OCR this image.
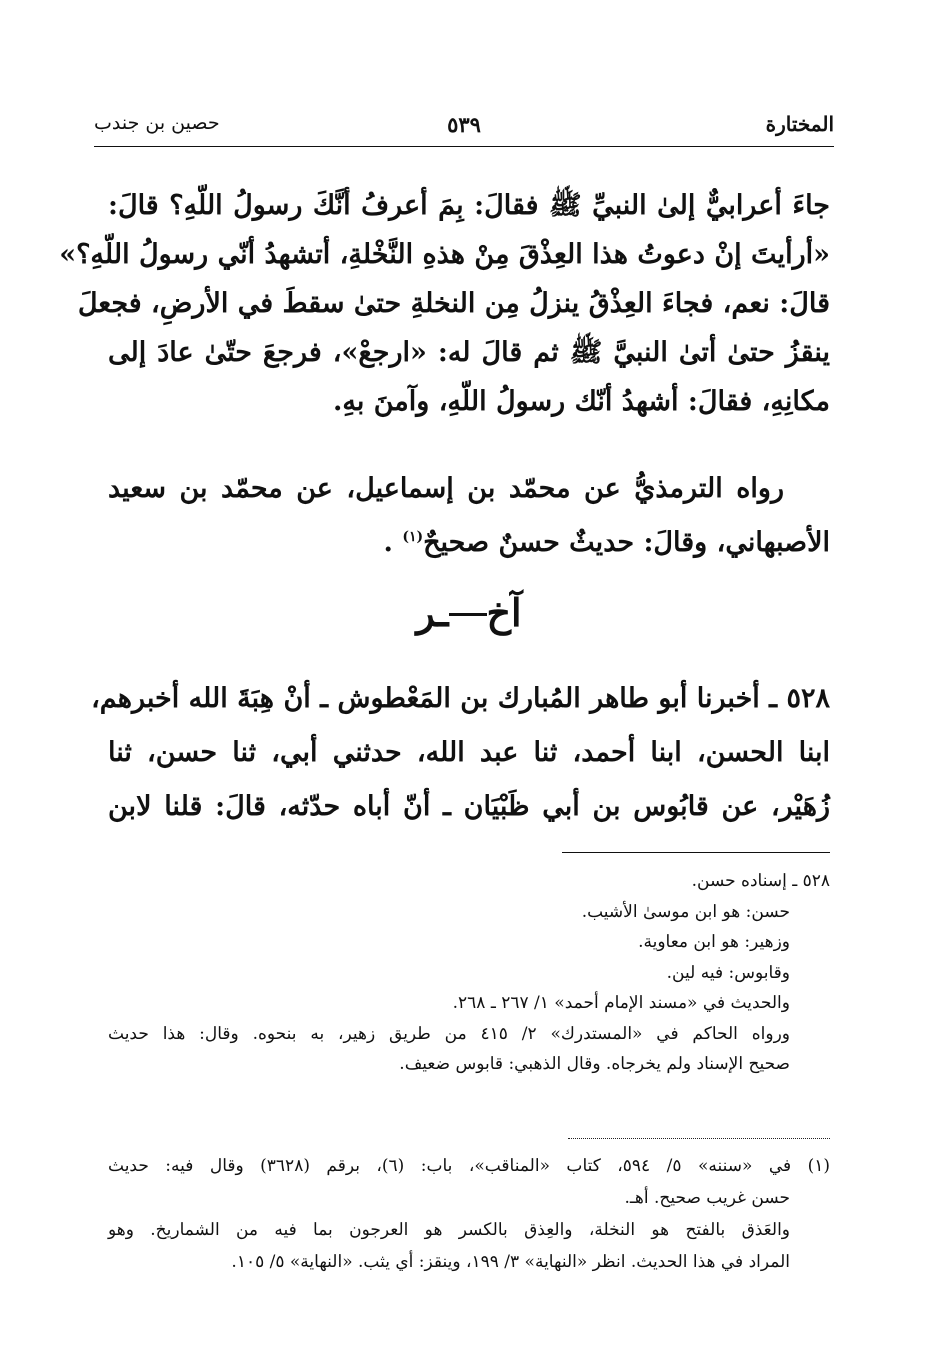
المختارة
٥٣٩
حصين بن جندب
جاءَ أعرابيٌّ إلىٰ النبيِّ ﷺ فقالَ: بِمَ أعرفُ أنَّكَ رسولُ اللّهِ؟ قالَ:
«أرأيتَ إنْ دعوتُ هذا العِذْقَ مِنْ هذهِ النَّخْلةِ، أتشهدُ أنّي رسولُ اللّهِ؟»
قالَ: نعم، فجاءَ العِذْقُ ينزلُ مِن النخلةِ حتىٰ سقطَ في الأرضِ، فجعلَ
ينقزُ حتىٰ أتىٰ النبيَّ ﷺ ثم قالَ له: «ارجعْ»، فرجعَ حتّىٰ عادَ إلى
مكانِهِ، فقالَ: أشهدُ أنّك رسولُ اللّهِ، وآمنَ بهِ.
رواه الترمذيُّ عن محمّد بن إسماعيل، عن محمّد بن سعيد
الأصبهاني، وقالَ: حديثٌ حسنٌ صحيحٌ$^{(١)}$ .
آخـر
٥٢٨ ـ أخبرنا أبو طاهر المُبارك بن المَعْطوش ـ أنْ هِبَةَ الله أخبرهم،
ابنا الحسن، ابنا أحمد، ثنا عبد الله، حدثني أبي، ثنا حسن، ثنا
زُهَيْر، عن قابُوس بن أبي ظَبْيَان ـ أنّ أباه حدّثه، قالَ: قلنا لابن
٥٢٨ ـ إسناده حسن.
حسن: هو ابن موسىٰ الأشيب.
وزهير: هو ابن معاوية.
وقابوس: فيه لين.
والحديث في «مسند الإمام أحمد» ١/ ٢٦٧ ـ ٢٦٨.
ورواه الحاكم في «المستدرك» ٢/ ٤١٥ من طريق زهير، به بنحوه. وقال: هذا حديث
صحيح الإسناد ولم يخرجاه. وقال الذهبي: قابوس ضعيف.
(١) في «سننه» ٥/ ٥٩٤، كتاب «المناقب»، باب: (٦)، برقم (٣٦٢٨) وقال فيه: حديث
حسن غريب صحيح. أهـ.
والعَذق بالفتح هو النخلة، والعِذق بالكسر هو العرجون بما فيه من الشماريخ. وهو
المراد في هذا الحديث. انظر «النهاية» ٣/ ١٩٩، وينقز: أي يثب. «النهاية» ٥/ ١٠٥.
